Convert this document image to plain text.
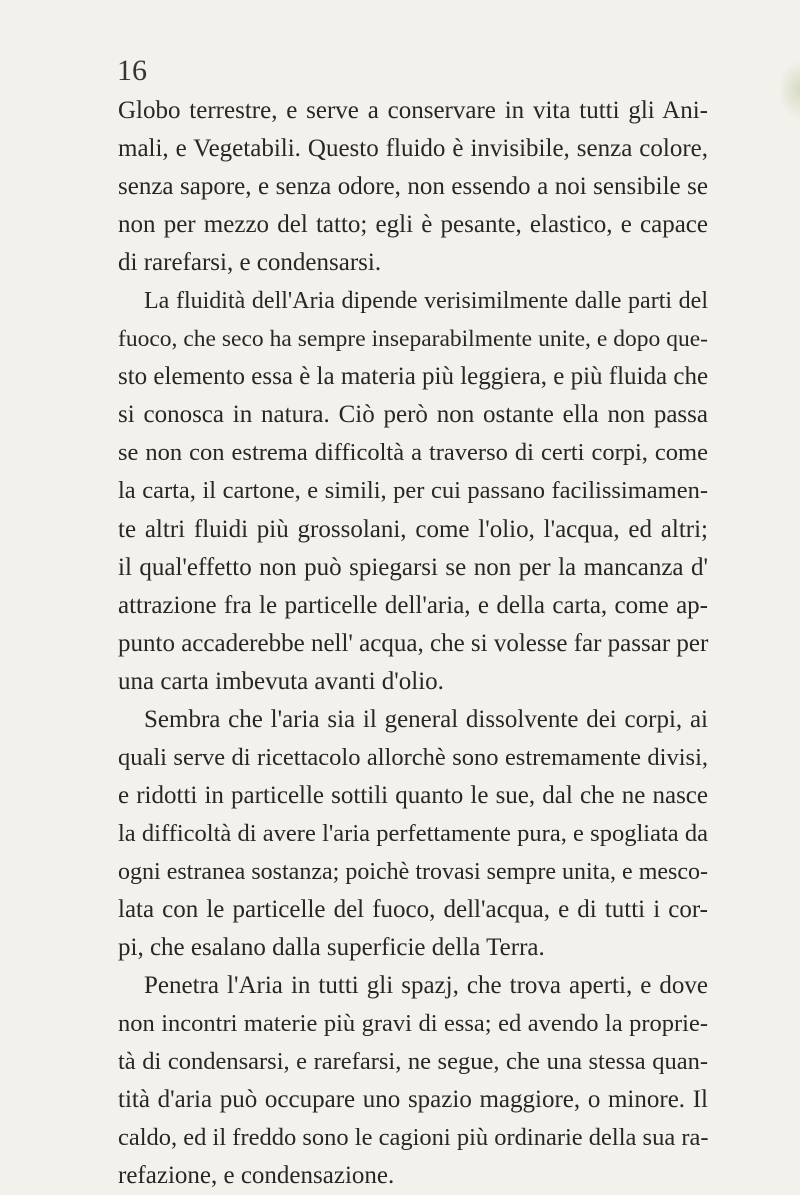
16
Globo terrestre, e serve a conservare in vita tutti gli Ani-
mali, e Vegetabili. Questo fluido è invisibile, senza colore,
senza sapore, e senza odore, non essendo a noi sensibile se
non per mezzo del tatto; egli è pesante, elastico, e capace
di rarefarsi, e condensarsi.
La fluidità dell'Aria dipende verisimilmente dalle parti del
fuoco, che seco ha sempre inseparabilmente unite, e dopo que-
sto elemento essa è la materia più leggiera, e più fluida che
si conosca in natura. Ciò però non ostante ella non passa
se non con estrema difficoltà a traverso di certi corpi, come
la carta, il cartone, e simili, per cui passano facilissimamen-
te altri fluidi più grossolani, come l'olio, l'acqua, ed altri;
il qual'effetto non può spiegarsi se non per la mancanza d'
attrazione fra le particelle dell'aria, e della carta, come ap-
punto accaderebbe nell' acqua, che si volesse far passar per
una carta imbevuta avanti d'olio.
Sembra che l'aria sia il general dissolvente dei corpi, ai
quali serve di ricettacolo allorchè sono estremamente divisi,
e ridotti in particelle sottili quanto le sue, dal che ne nasce
la difficoltà di avere l'aria perfettamente pura, e spogliata da
ogni estranea sostanza; poichè trovasi sempre unita, e mesco-
lata con le particelle del fuoco, dell'acqua, e di tutti i cor-
pi, che esalano dalla superficie della Terra.
Penetra l'Aria in tutti gli spazj, che trova aperti, e dove
non incontri materie più gravi di essa; ed avendo la proprie-
tà di condensarsi, e rarefarsi, ne segue, che una stessa quan-
tità d'aria può occupare uno spazio maggiore, o minore. Il
caldo, ed il freddo sono le cagioni più ordinarie della sua ra-
refazione, e condensazione.
